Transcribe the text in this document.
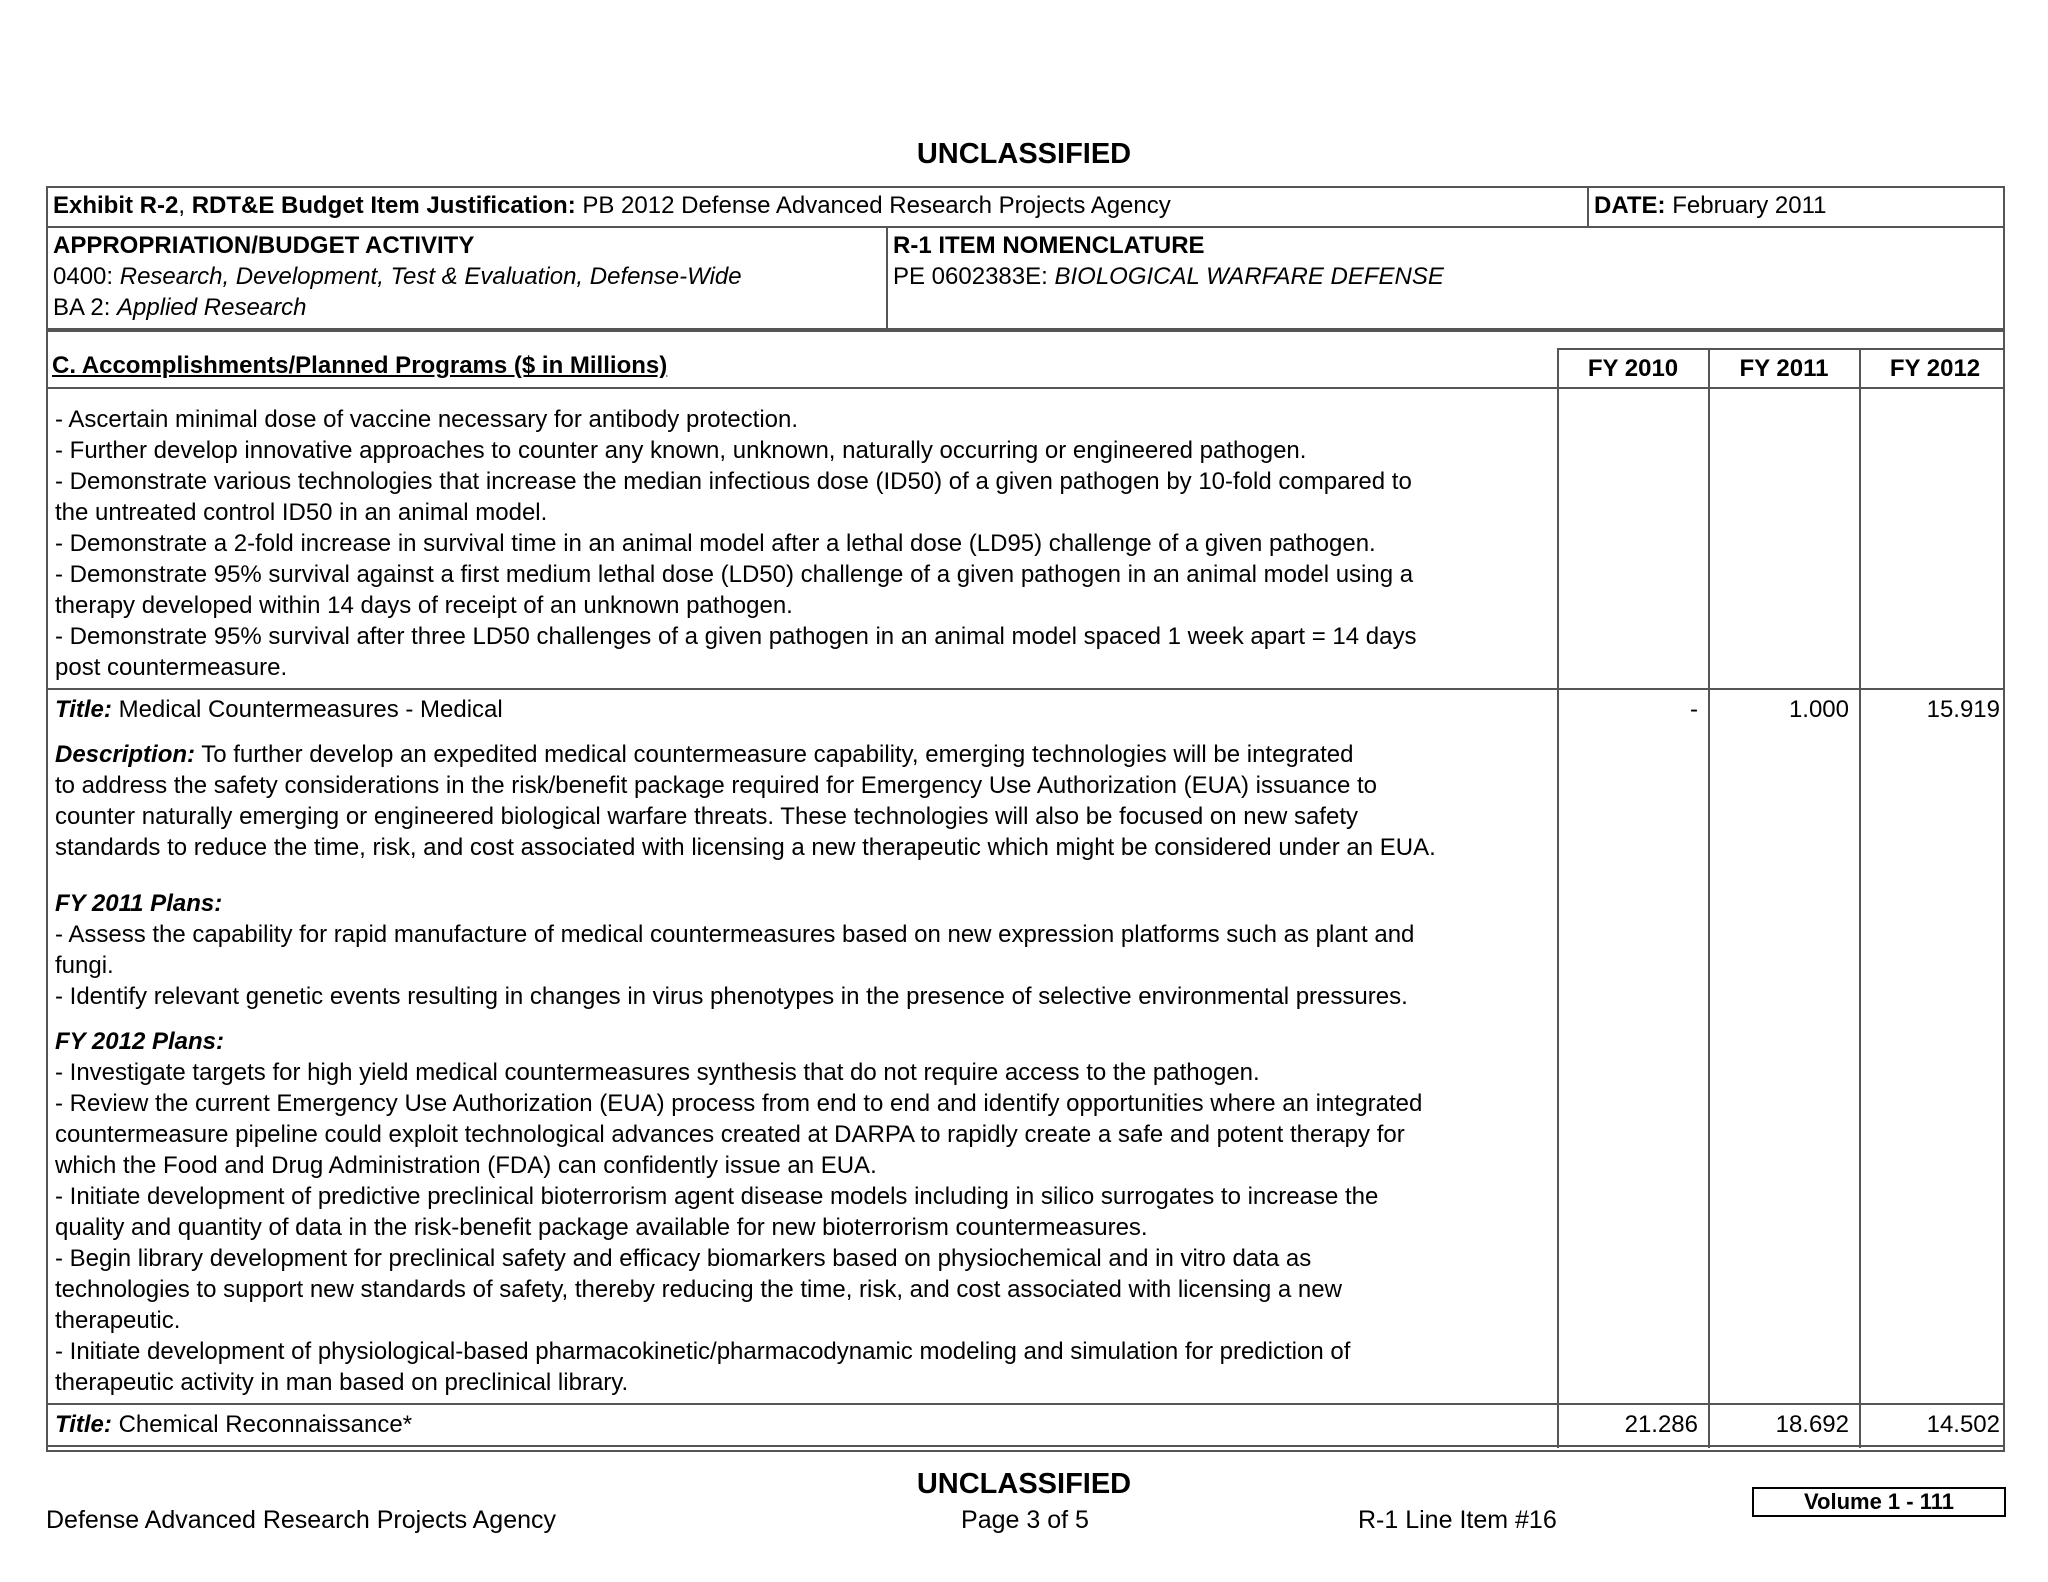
UNCLASSIFIED
Exhibit R-2, RDT&E Budget Item Justification: PB 2012 Defense Advanced Research Projects Agency	DATE: February 2011
APPROPRIATION/BUDGET ACTIVITY
0400: Research, Development, Test & Evaluation, Defense-Wide
BA 2: Applied Research
R-1 ITEM NOMENCLATURE
PE 0602383E: BIOLOGICAL WARFARE DEFENSE
C. Accomplishments/Planned Programs ($ in Millions)	FY 2010	FY 2011	FY 2012
- Ascertain minimal dose of vaccine necessary for antibody protection.
- Further develop innovative approaches to counter any known, unknown, naturally occurring or engineered pathogen.
- Demonstrate various technologies that increase the median infectious dose (ID50) of a given pathogen by 10-fold compared to
the untreated control ID50 in an animal model.
- Demonstrate a 2-fold increase in survival time in an animal model after a lethal dose (LD95) challenge of a given pathogen.
- Demonstrate 95% survival against a first medium lethal dose (LD50) challenge of a given pathogen in an animal model using a
therapy developed within 14 days of receipt of an unknown pathogen.
- Demonstrate 95% survival after three LD50 challenges of a given pathogen in an animal model spaced 1 week apart = 14 days
post countermeasure.
Title: Medical Countermeasures - Medical	-	1.000	15.919
Description: To further develop an expedited medical countermeasure capability, emerging technologies will be integrated
to address the safety considerations in the risk/benefit package required for Emergency Use Authorization (EUA) issuance to
counter naturally emerging or engineered biological warfare threats. These technologies will also be focused on new safety
standards to reduce the time, risk, and cost associated with licensing a new therapeutic which might be considered under an EUA.
FY 2011 Plans:
- Assess the capability for rapid manufacture of medical countermeasures based on new expression platforms such as plant and
fungi.
- Identify relevant genetic events resulting in changes in virus phenotypes in the presence of selective environmental pressures.
FY 2012 Plans:
- Investigate targets for high yield medical countermeasures synthesis that do not require access to the pathogen.
- Review the current Emergency Use Authorization (EUA) process from end to end and identify opportunities where an integrated
countermeasure pipeline could exploit technological advances created at DARPA to rapidly create a safe and potent therapy for
which the Food and Drug Administration (FDA) can confidently issue an EUA.
- Initiate development of predictive preclinical bioterrorism agent disease models including in silico surrogates to increase the
quality and quantity of data in the risk-benefit package available for new bioterrorism countermeasures.
- Begin library development for preclinical safety and efficacy biomarkers based on physiochemical and in vitro data as
technologies to support new standards of safety, thereby reducing the time, risk, and cost associated with licensing a new
therapeutic.
- Initiate development of physiological-based pharmacokinetic/pharmacodynamic modeling and simulation for prediction of
therapeutic activity in man based on preclinical library.
Title: Chemical Reconnaissance*	21.286	18.692	14.502
UNCLASSIFIED
Defense Advanced Research Projects Agency	Page 3 of 5	R-1 Line Item #16
Volume 1 - 111
